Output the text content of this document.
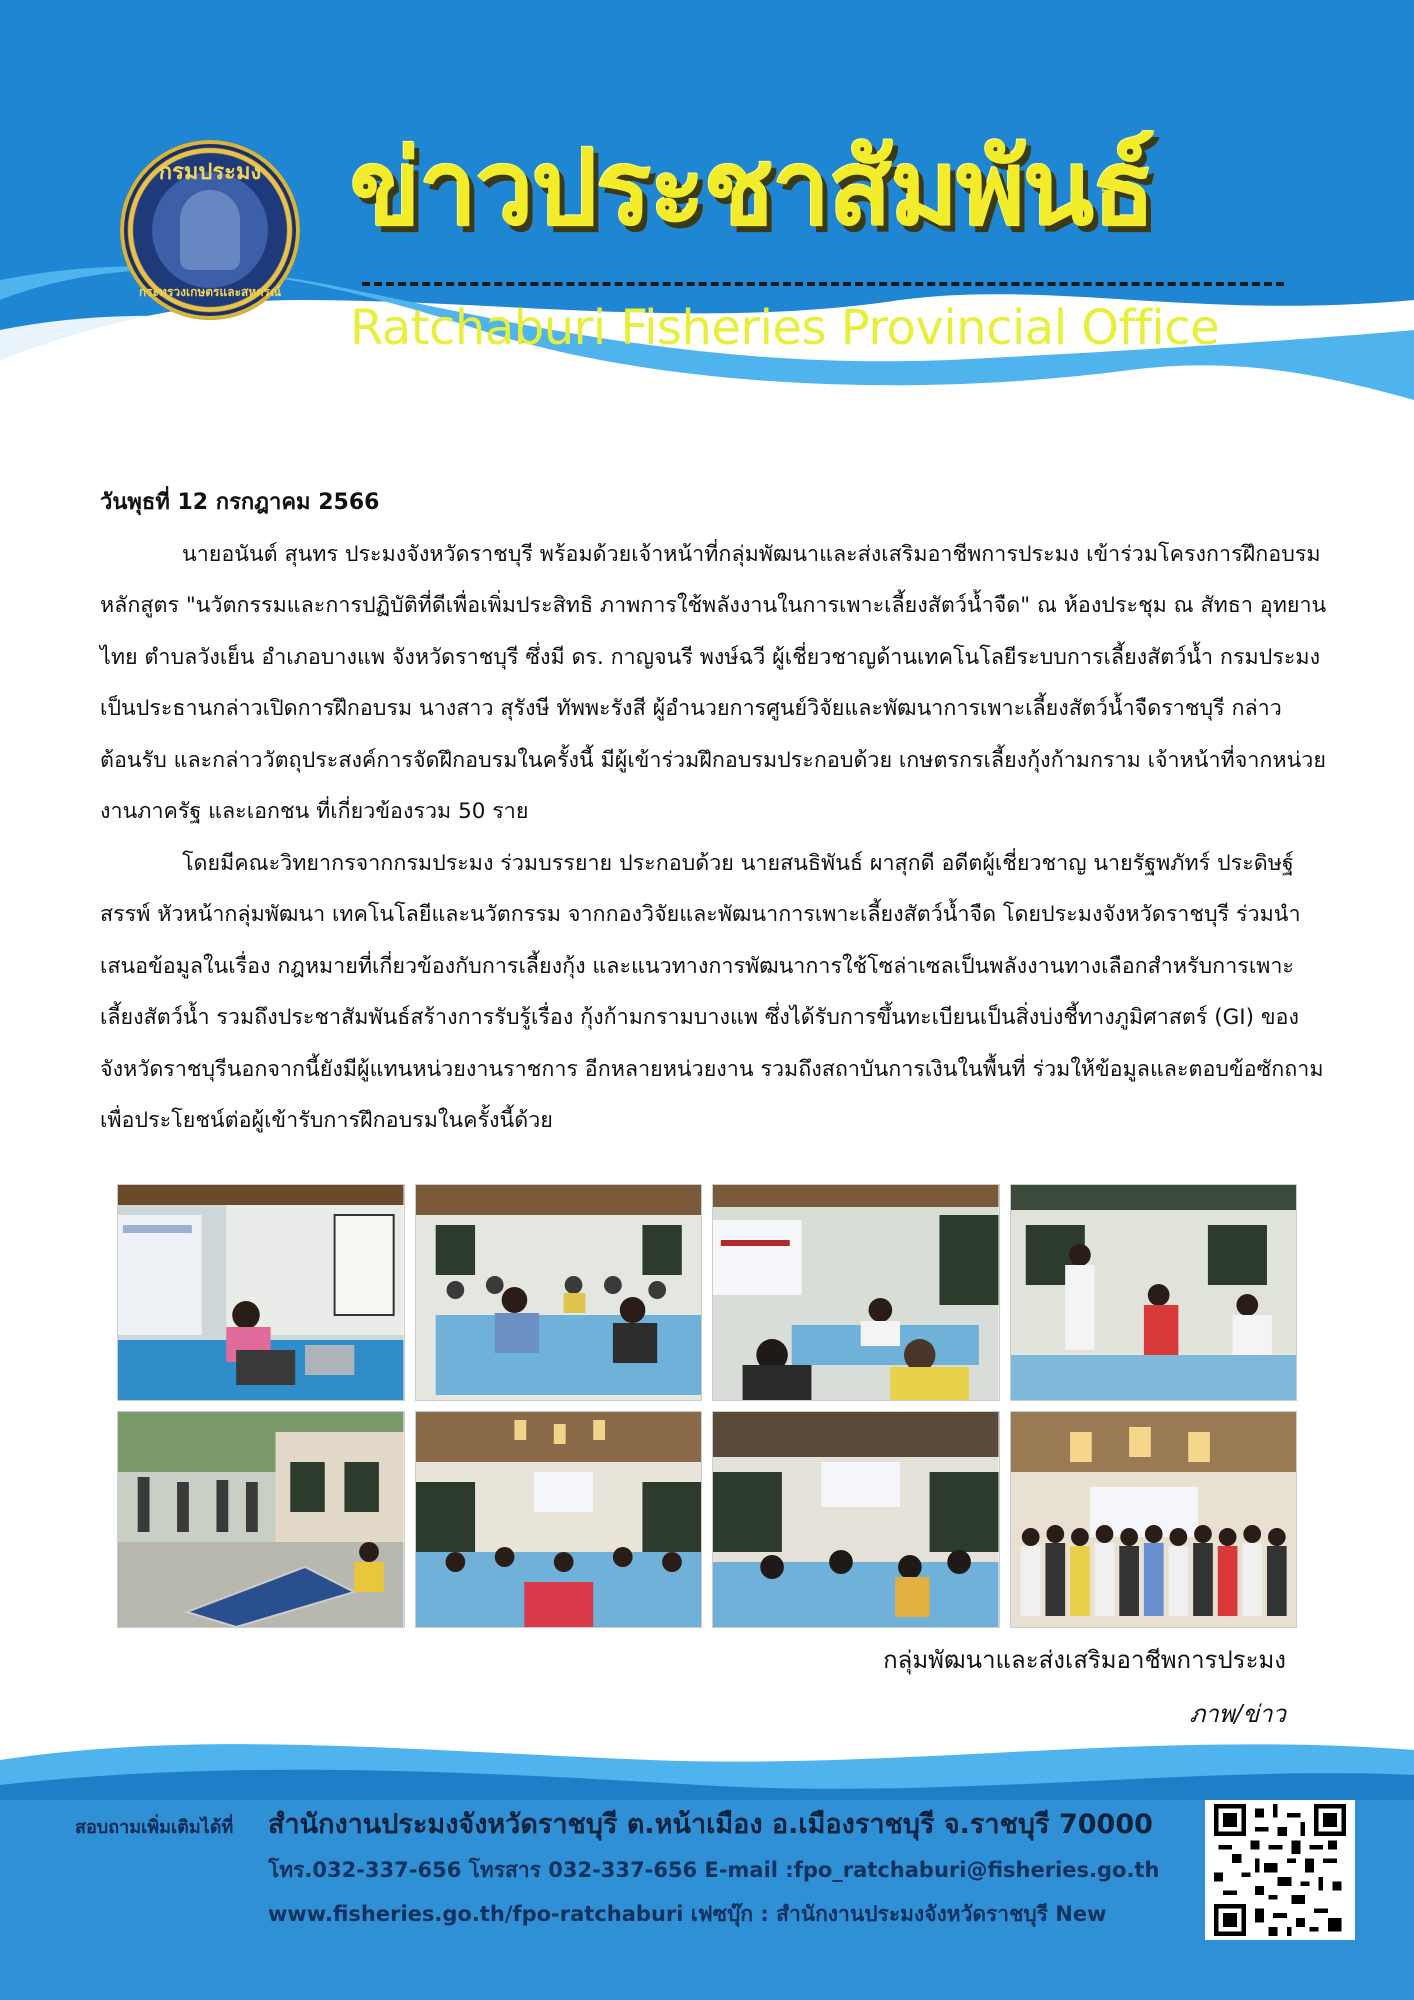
กรมประมง
กระทรวงเกษตรและสหกรณ์
ข่าวประชาสัมพันธ์
Ratchaburi Fisheries Provincial Office
วันพุธที่ 12 กรกฎาคม 2566

นายอนันต์ สุนทร ประมงจังหวัดราชบุรี พร้อมด้วยเจ้าหน้าที่กลุ่มพัฒนาและส่งเสริมอาชีพการประมง เข้าร่วมโครงการฝึกอบรมหลักสูตร "นวัตกรรมและการปฏิบัติที่ดีเพื่อเพิ่มประสิทธิ ภาพการใช้พลังงานในการเพาะเลี้ยงสัตว์น้ำจืด" ณ ห้องประชุม ณ สัทธา อุทยานไทย ตำบลวังเย็น อำเภอบางแพ จังหวัดราชบุรี ซึ่งมี ดร. กาญจนรี พงษ์ฉวี ผู้เชี่ยวชาญด้านเทคโนโลยีระบบการเลี้ยงสัตว์น้ำ กรมประมง เป็นประธานกล่าวเปิดการฝึกอบรม นางสาว สุรังษี ทัพพะรังสี ผู้อำนวยการศูนย์วิจัยและพัฒนาการเพาะเลี้ยงสัตว์น้ำจืดราชบุรี กล่าวต้อนรับ และกล่าววัตถุประสงค์การจัดฝึกอบรมในครั้งนี้ มีผู้เข้าร่วมฝึกอบรมประกอบด้วย เกษตรกรเลี้ยงกุ้งก้ามกราม เจ้าหน้าที่จากหน่วยงานภาครัฐ และเอกชน ที่เกี่ยวข้องรวม 50 ราย

โดยมีคณะวิทยากรจากกรมประมง ร่วมบรรยาย ประกอบด้วย นายสนธิพันธ์ ผาสุกดี อดีตผู้เชี่ยวชาญ นายรัฐพภัทร์ ประดิษฐ์สรรพ์ หัวหน้ากลุ่มพัฒนา เทคโนโลยีและนวัตกรรม จากกองวิจัยและพัฒนาการเพาะเลี้ยงสัตว์น้ำจืด โดยประมงจังหวัดราชบุรี ร่วมนำเสนอข้อมูลในเรื่อง กฎหมายที่เกี่ยวข้องกับการเลี้ยงกุ้ง และแนวทางการพัฒนาการใช้โซล่าเซลเป็นพลังงานทางเลือกสำหรับการเพาะเลี้ยงสัตว์น้ำ รวมถึงประชาสัมพันธ์สร้างการรับรู้เรื่อง กุ้งก้ามกรามบางแพ ซึ่งได้รับการขึ้นทะเบียนเป็นสิ่งบ่งชี้ทางภูมิศาสตร์ (GI) ของจังหวัดราชบุรีนอกจากนี้ยังมีผู้แทนหน่วยงานราชการ อีกหลายหน่วยงาน รวมถึงสถาบันการเงินในพื้นที่ ร่วมให้ข้อมูลและตอบข้อซักถามเพื่อประโยชน์ต่อผู้เข้ารับการฝึกอบรมในครั้งนี้ด้วย

กลุ่มพัฒนาและส่งเสริมอาชีพการประมง
ภาพ/ข่าว
สอบถามเพิ่มเติมได้ที่ สำนักงานประมงจังหวัดราชบุรี ต.หน้าเมือง อ.เมืองราชบุรี จ.ราชบุรี 70000
โทร.032-337-656 โทรสาร 032-337-656 E-mail :fpo_ratchaburi@fisheries.go.th
www.fisheries.go.th/fpo-ratchaburi เฟซบุ๊ก : สำนักงานประมงจังหวัดราชบุรี New
